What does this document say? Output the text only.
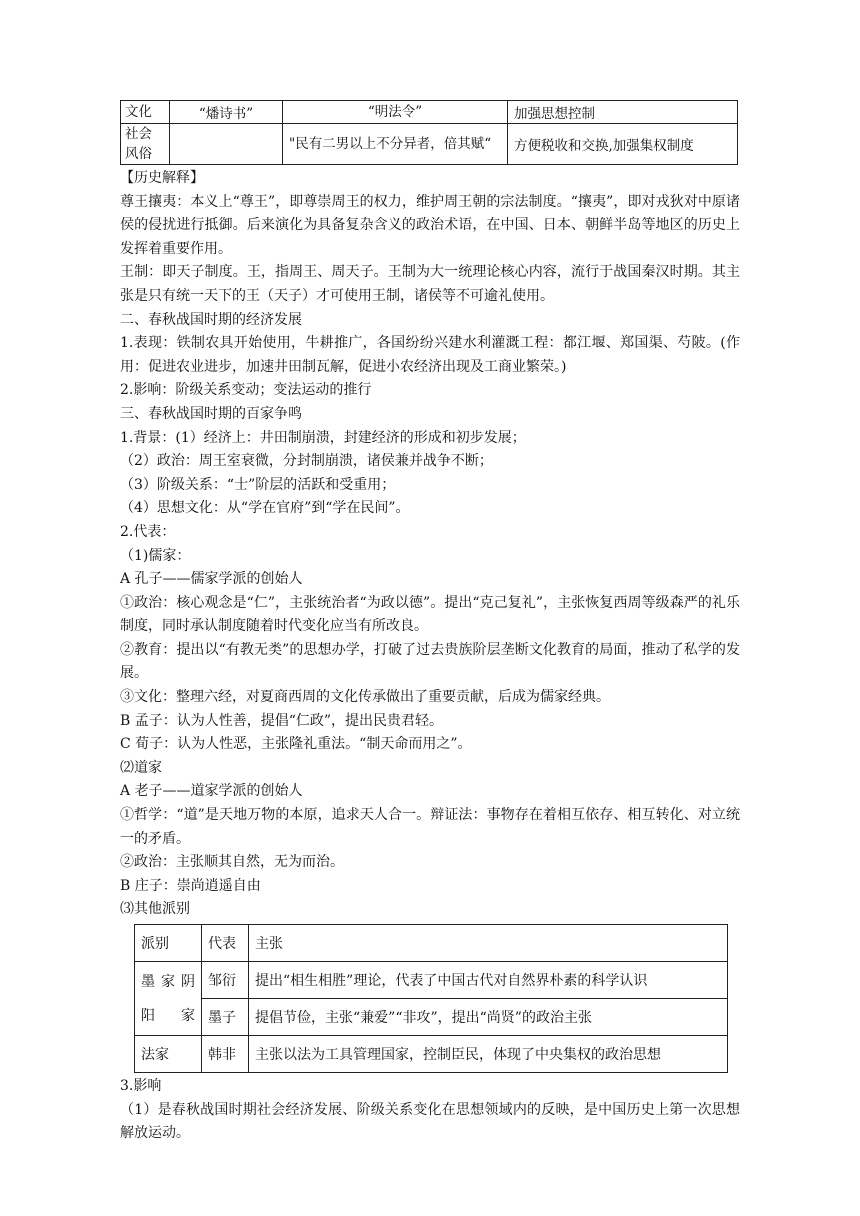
文化	“燔诗书”	“明法令”	加强思想控制
社会风俗		"民有二男以上不分异者，倍其赋“	方便税收和交换,加强集权制度

【历史解释】

尊王攘夷：本义上“尊王”，即尊崇周王的权力，维护周王朝的宗法制度。“攘夷”，即对戎狄对中原诸侯的侵扰进行抵御。后来演化为具备复杂含义的政治术语，在中国、日本、朝鲜半岛等地区的历史上发挥着重要作用。

王制：即天子制度。王，指周王、周天子。王制为大一统理论核心内容，流行于战国秦汉时期。其主张是只有统一天下的王（天子）才可使用王制，诸侯等不可逾礼使用。

二、春秋战国时期的经济发展

1.表现：铁制农具开始使用，牛耕推广，各国纷纷兴建水利灌溉工程：都江堰、郑国渠、芍陂。(作用：促进农业进步，加速井田制瓦解，促进小农经济出现及工商业繁荣。)

2.影响：阶级关系变动；变法运动的推行

三、春秋战国时期的百家争鸣

1.背景：(1）经济上：井田制崩溃，封建经济的形成和初步发展；

（2）政治：周王室衰微，分封制崩溃，诸侯兼并战争不断；

（3）阶级关系：“士”阶层的活跃和受重用；

（4）思想文化：从“学在官府”到“学在民间”。

2.代表：

（1)儒家：

A 孔子——儒家学派的创始人

①政治：核心观念是“仁”，主张统治者“为政以德”。提出“克己复礼”，主张恢复西周等级森严的礼乐制度，同时承认制度随着时代变化应当有所改良。

②教育：提出以“有教无类”的思想办学，打破了过去贵族阶层垄断文化教育的局面，推动了私学的发展。

③文化：整理六经，对夏商西周的文化传承做出了重要贡献，后成为儒家经典。

B 孟子：认为人性善，提倡“仁政”，提出民贵君轻。

C 荀子：认为人性恶，主张隆礼重法。“制天命而用之”。

⑵道家

A 老子——道家学派的创始人

①哲学：“道”是天地万物的本原，追求天人合一。辩证法：事物存在着相互依存、相互转化、对立统一的矛盾。

②政治：主张顺其自然，无为而治。

B 庄子：崇尚逍遥自由

⑶其他派别

派别	代表	主张
墨家阴阳家	邹衍	提出“相生相胜”理论，代表了中国古代对自然界朴素的科学认识
	墨子	提倡节俭，主张“兼爱”“非攻”，提出“尚贤”的政治主张
法家	韩非	主张以法为工具管理国家，控制臣民，体现了中央集权的政治思想

3.影响

（1）是春秋战国时期社会经济发展、阶级关系变化在思想领域内的反映，是中国历史上第一次思想解放运动。
